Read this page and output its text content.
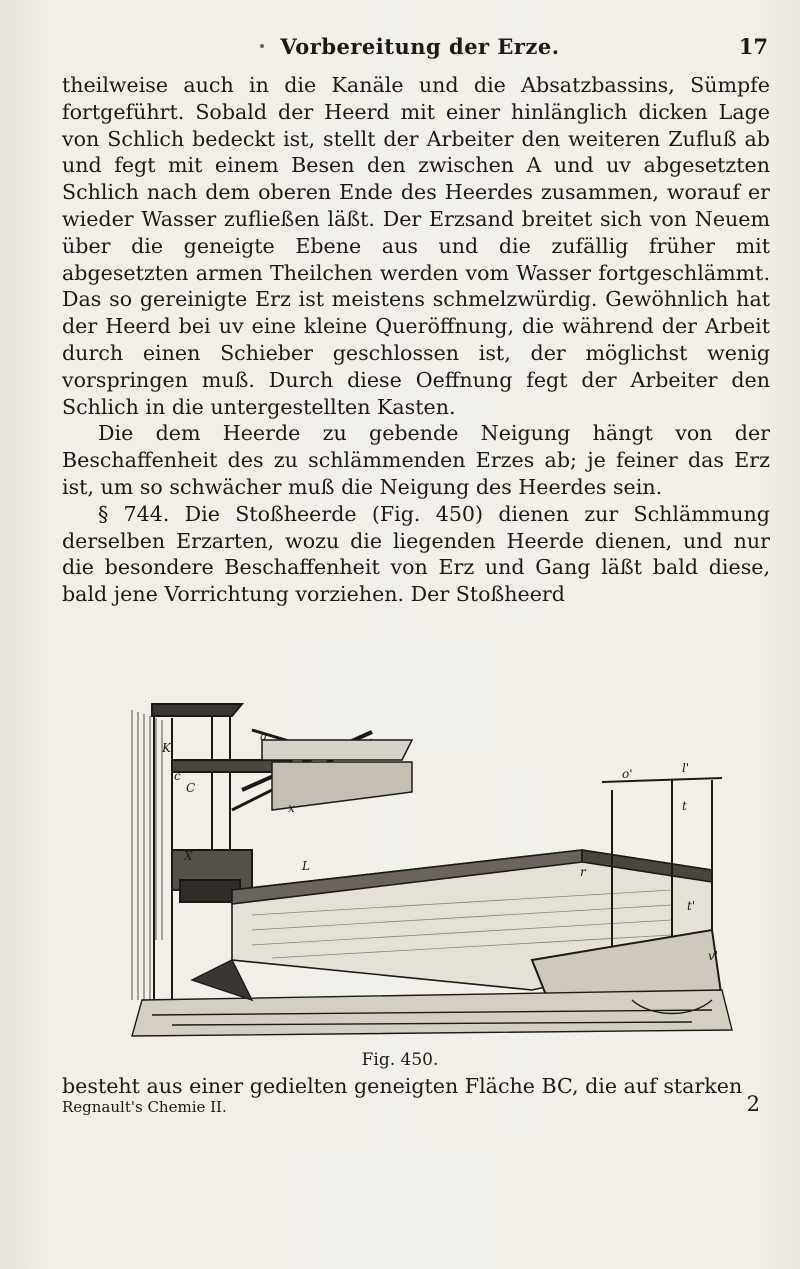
Vorbereitung der Erze.	17

theilweise auch in die Kanäle und die Absatzbassins, Sümpfe fortgeführt. Sobald der Heerd mit einer hinlänglich dicken Lage von Schlich bedeckt ist, stellt der Arbeiter den weiteren Zufluß ab und fegt mit einem Besen den zwischen A und uv abgesetzten Schlich nach dem oberen Ende des Heerdes zusammen, worauf er wieder Wasser zufließen läßt. Der Erzsand breitet sich von Neuem über die geneigte Ebene aus und die zufällig früher mit abgesetzten armen Theilchen werden vom Wasser fortgeschlämmt. Das so gereinigte Erz ist meistens schmelzwürdig. Gewöhnlich hat der Heerd bei uv eine kleine Queröffnung, die während der Arbeit durch einen Schieber geschlossen ist, der möglichst wenig vorspringen muß. Durch diese Oeffnung fegt der Arbeiter den Schlich in die untergestellten Kasten.

Die dem Heerde zu gebende Neigung hängt von der Beschaffenheit des zu schlämmenden Erzes ab; je feiner das Erz ist, um so schwächer muß die Neigung des Heerdes sein.

§ 744. Die Stoßheerde (Fig. 450) dienen zur Schlämmung derselben Erzarten, wozu die liegenden Heerde dienen, und nur die besondere Beschaffenheit von Erz und Gang läßt bald diese, bald jene Vorrichtung vorziehen. Der Stoßheerd

K
c
C
X
a
x
L
o'	l'
t
t'
v'
r
Fig. 450.
besteht aus einer gedielten geneigten Fläche BC, die auf starken
Regnault's Chemie II.	2
